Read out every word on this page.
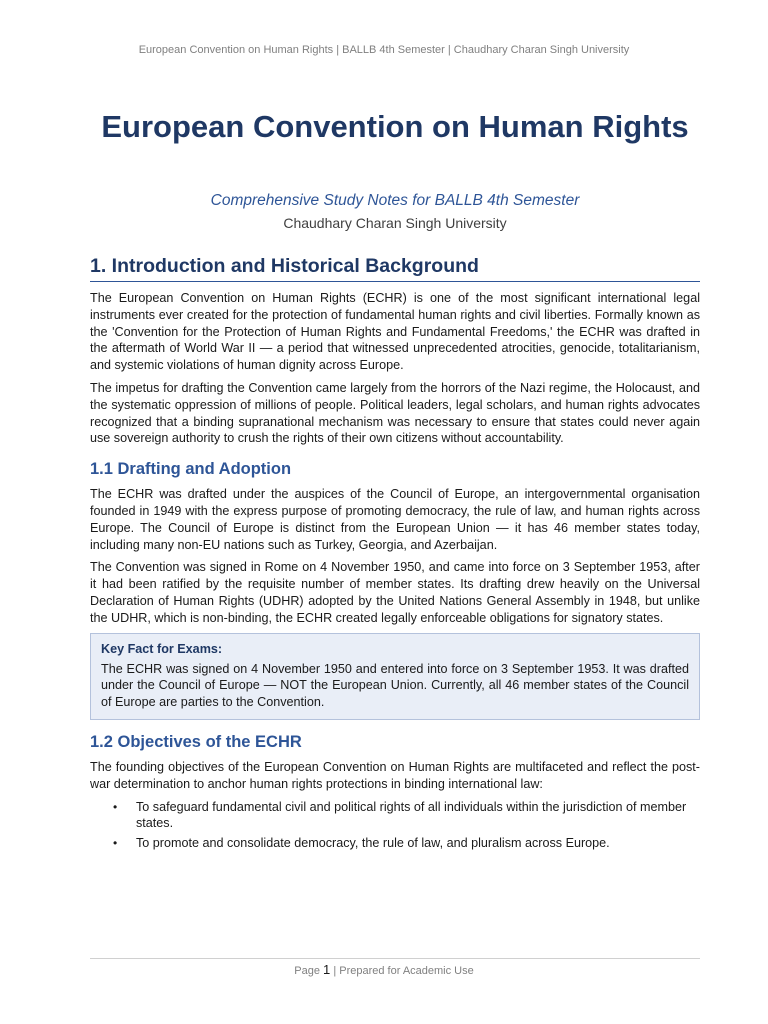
European Convention on Human Rights | BALLB 4th Semester | Chaudhary Charan Singh University
European Convention on Human Rights
Comprehensive Study Notes for BALLB 4th Semester
Chaudhary Charan Singh University
1. Introduction and Historical Background

The European Convention on Human Rights (ECHR) is one of the most significant international legal instruments ever created for the protection of fundamental human rights and civil liberties. Formally known as the 'Convention for the Protection of Human Rights and Fundamental Freedoms,' the ECHR was drafted in the aftermath of World War II — a period that witnessed unprecedented atrocities, genocide, totalitarianism, and systemic violations of human dignity across Europe.

The impetus for drafting the Convention came largely from the horrors of the Nazi regime, the Holocaust, and the systematic oppression of millions of people. Political leaders, legal scholars, and human rights advocates recognized that a binding supranational mechanism was necessary to ensure that states could never again use sovereign authority to crush the rights of their own citizens without accountability.

1.1 Drafting and Adoption

The ECHR was drafted under the auspices of the Council of Europe, an intergovernmental organisation founded in 1949 with the express purpose of promoting democracy, the rule of law, and human rights across Europe. The Council of Europe is distinct from the European Union — it has 46 member states today, including many non-EU nations such as Turkey, Georgia, and Azerbaijan.

The Convention was signed in Rome on 4 November 1950, and came into force on 3 September 1953, after it had been ratified by the requisite number of member states. Its drafting drew heavily on the Universal Declaration of Human Rights (UDHR) adopted by the United Nations General Assembly in 1948, but unlike the UDHR, which is non-binding, the ECHR created legally enforceable obligations for signatory states.

Key Fact for Exams:

The ECHR was signed on 4 November 1950 and entered into force on 3 September 1953. It was drafted under the Council of Europe — NOT the European Union. Currently, all 46 member states of the Council of Europe are parties to the Convention.

1.2 Objectives of the ECHR

The founding objectives of the European Convention on Human Rights are multifaceted and reflect the post-war determination to anchor human rights protections in binding international law:

• To safeguard fundamental civil and political rights of all individuals within the jurisdiction of member states.
• To promote and consolidate democracy, the rule of law, and pluralism across Europe.
Page 1 | Prepared for Academic Use
